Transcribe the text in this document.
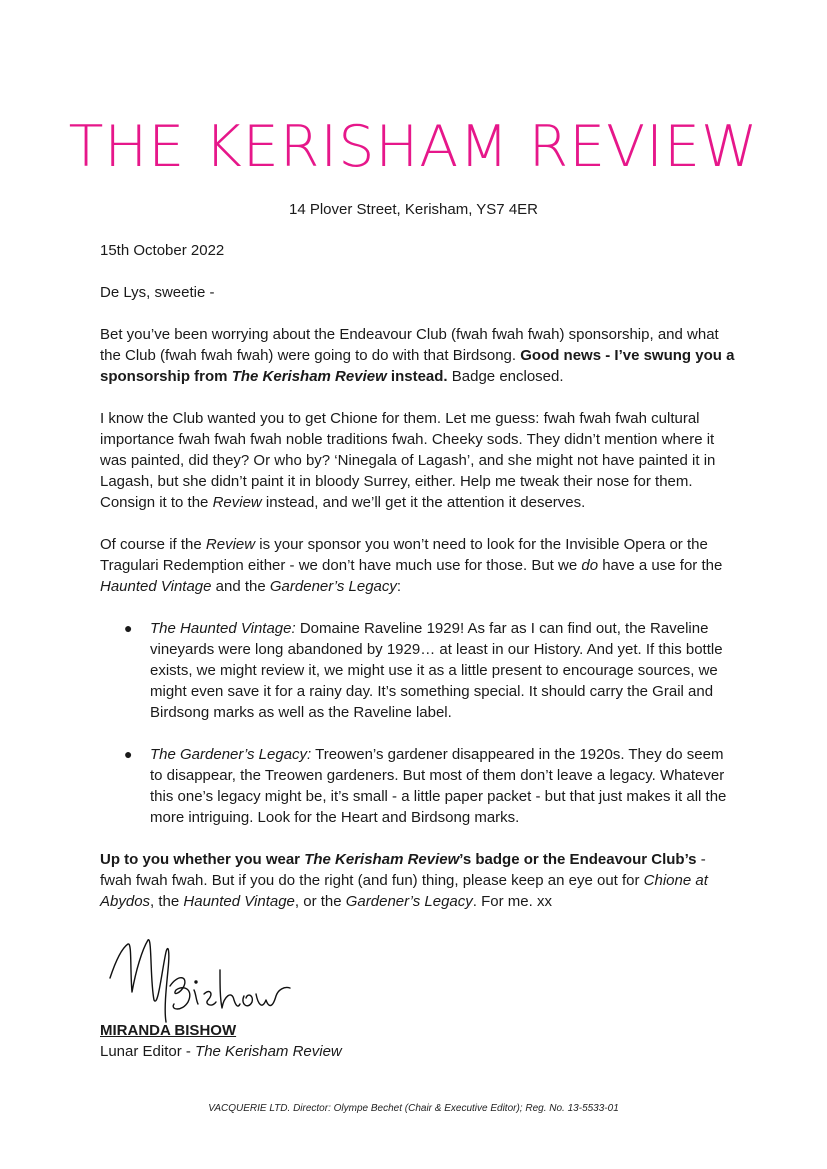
THE KERISHAM REVIEW
14 Plover Street, Kerisham, YS7 4ER

15th October 2022

De Lys, sweetie -

Bet you’ve been worrying about the Endeavour Club (fwah fwah fwah) sponsorship, and what the Club (fwah fwah fwah) were going to do with that Birdsong. Good news - I’ve swung you a sponsorship from The Kerisham Review instead. Badge enclosed.

I know the Club wanted you to get Chione for them. Let me guess: fwah fwah fwah cultural importance fwah fwah fwah noble traditions fwah. Cheeky sods. They didn’t mention where it was painted, did they? Or who by? ‘Ninegala of Lagash’, and she might not have painted it in Lagash, but she didn’t paint it in bloody Surrey, either. Help me tweak their nose for them. Consign it to the Review instead, and we’ll get it the attention it deserves.

Of course if the Review is your sponsor you won’t need to look for the Invisible Opera or the Tragulari Redemption either - we don’t have much use for those. But we do have a use for the Haunted Vintage and the Gardener’s Legacy:

● The Haunted Vintage: Domaine Raveline 1929! As far as I can find out, the Raveline vineyards were long abandoned by 1929… at least in our History. And yet. If this bottle exists, we might review it, we might use it as a little present to encourage sources, we might even save it for a rainy day. It’s something special. It should carry the Grail and Birdsong marks as well as the Raveline label.
● The Gardener’s Legacy: Treowen’s gardener disappeared in the 1920s. They do seem to disappear, the Treowen gardeners. But most of them don’t leave a legacy. Whatever this one’s legacy might be, it’s small - a little paper packet - but that just makes it all the more intriguing. Look for the Heart and Birdsong marks.

Up to you whether you wear The Kerisham Review’s badge or the Endeavour Club’s - fwah fwah fwah. But if you do the right (and fun) thing, please keep an eye out for Chione at Abydos, the Haunted Vintage, or the Gardener’s Legacy. For me. xx

MIRANDA BISHOW
Lunar Editor - The Kerisham Review
VACQUERIE LTD. Director: Olympe Bechet (Chair & Executive Editor); Reg. No. 13-5533-01
